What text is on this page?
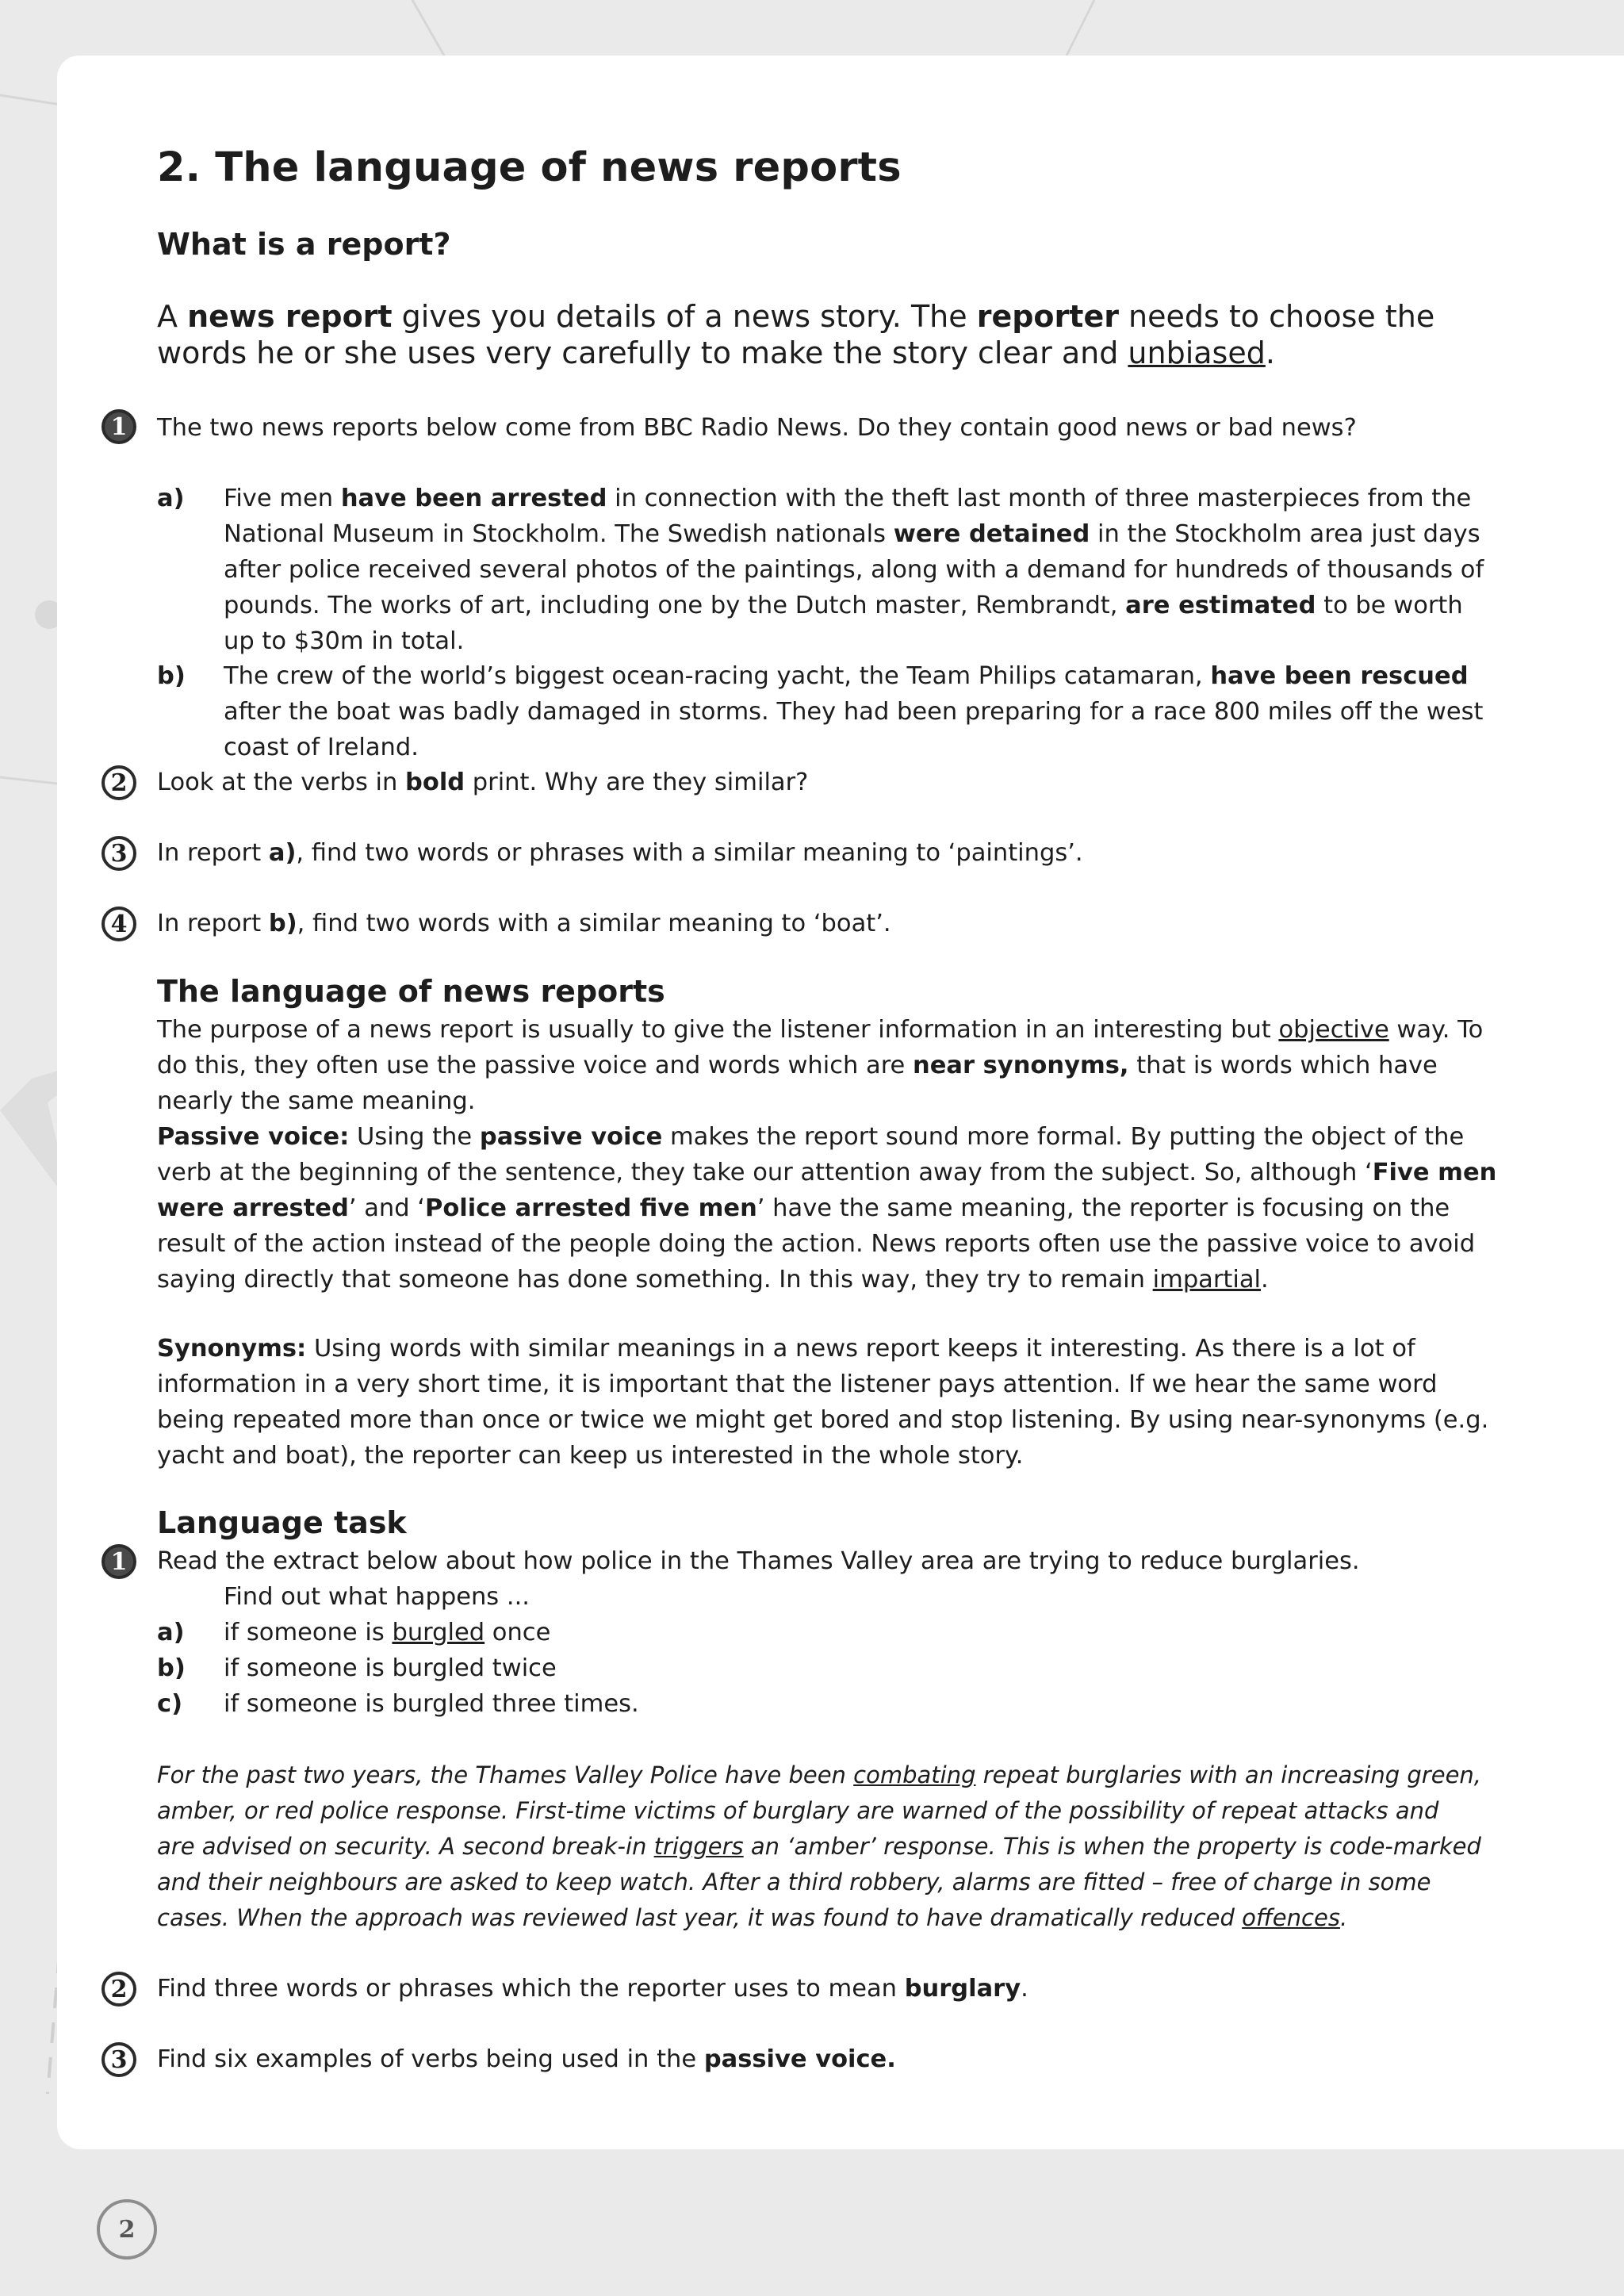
2. The language of news reports
What is a report?

A news report gives you details of a news story. The reporter needs to choose the words he or she uses very carefully to make the story clear and unbiased.

1	The two news reports below come from BBC Radio News. Do they contain good news or bad news?

a) Five men have been arrested in connection with the theft last month of three masterpieces from the National Museum in Stockholm. The Swedish nationals were detained in the Stockholm area just days after police received several photos of the paintings, along with a demand for hundreds of thousands of pounds. The works of art, including one by the Dutch master, Rembrandt, are estimated to be worth up to $30m in total.

b) The crew of the world’s biggest ocean-racing yacht, the Team Philips catamaran, have been rescued after the boat was badly damaged in storms. They had been preparing for a race 800 miles off the west coast of Ireland.

2	Look at the verbs in bold print. Why are they similar?

3	In report a), find two words or phrases with a similar meaning to ‘paintings’.

4	In report b), find two words with a similar meaning to ‘boat’.

The language of news reports

The purpose of a news report is usually to give the listener information in an interesting but objective way. To do this, they often use the passive voice and words which are near synonyms, that is words which have nearly the same meaning.

Passive voice: Using the passive voice makes the report sound more formal. By putting the object of the verb at the beginning of the sentence, they take our attention away from the subject. So, although ‘Five men were arrested’ and ‘Police arrested five men’ have the same meaning, the reporter is focusing on the result of the action instead of the people doing the action. News reports often use the passive voice to avoid saying directly that someone has done something. In this way, they try to remain impartial.

Synonyms: Using words with similar meanings in a news report keeps it interesting. As there is a lot of information in a very short time, it is important that the listener pays attention. If we hear the same word being repeated more than once or twice we might get bored and stop listening. By using near-synonyms (e.g. yacht and boat), the reporter can keep us interested in the whole story.

Language task
1	Read the extract below about how police in the Thames Valley area are trying to reduce burglaries.

Find out what happens ...

a) if someone is burgled once

b) if someone is burgled twice

c) if someone is burgled three times.

For the past two years, the Thames Valley Police have been combating repeat burglaries with an increasing green, amber, or red police response. First-time victims of burglary are warned of the possibility of repeat attacks and are advised on security. A second break-in triggers an ‘amber’ response. This is when the property is code-marked and their neighbours are asked to keep watch. After a third robbery, alarms are fitted – free of charge in some cases. When the approach was reviewed last year, it was found to have dramatically reduced offences.

2	Find three words or phrases which the reporter uses to mean burglary.

3	Find six examples of verbs being used in the passive voice.

2
